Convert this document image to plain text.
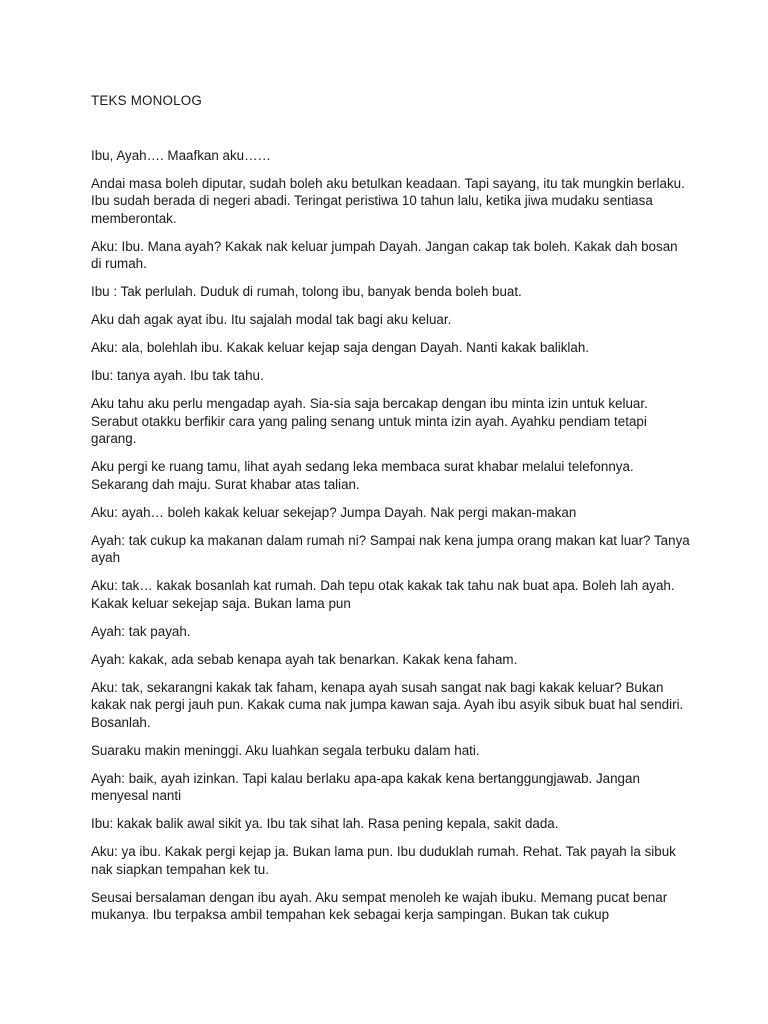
TEKS MONOLOG

Ibu, Ayah…. Maafkan aku……

Andai masa boleh diputar, sudah boleh aku betulkan keadaan. Tapi sayang, itu tak mungkin berlaku. Ibu sudah berada di negeri abadi. Teringat peristiwa 10 tahun lalu, ketika jiwa mudaku sentiasa memberontak.

Aku: Ibu. Mana ayah? Kakak nak keluar jumpah Dayah. Jangan cakap tak boleh. Kakak dah bosan di rumah.

Ibu : Tak perlulah. Duduk di rumah, tolong ibu, banyak benda boleh buat.

Aku dah agak ayat ibu. Itu sajalah modal tak bagi aku keluar.

Aku: ala, bolehlah ibu. Kakak keluar kejap saja dengan Dayah. Nanti kakak baliklah.

Ibu: tanya ayah. Ibu tak tahu.

Aku tahu aku perlu mengadap ayah. Sia-sia saja bercakap dengan ibu minta izin untuk keluar. Serabut otakku berfikir cara yang paling senang untuk minta izin ayah. Ayahku pendiam tetapi garang.

Aku pergi ke ruang tamu, lihat ayah sedang leka membaca surat khabar melalui telefonnya. Sekarang dah maju. Surat khabar atas talian.

Aku: ayah… boleh kakak keluar sekejap? Jumpa Dayah. Nak pergi makan-makan

Ayah: tak cukup ka makanan dalam rumah ni? Sampai nak kena jumpa orang makan kat luar? Tanya ayah

Aku: tak… kakak bosanlah kat rumah. Dah tepu otak kakak tak tahu nak buat apa. Boleh lah ayah. Kakak keluar sekejap saja. Bukan lama pun

Ayah: tak payah.

Ayah: kakak, ada sebab kenapa ayah tak benarkan. Kakak kena faham.

Aku: tak, sekarangni kakak tak faham, kenapa ayah susah sangat nak bagi kakak keluar? Bukan kakak nak pergi jauh pun. Kakak cuma nak jumpa kawan saja. Ayah ibu asyik sibuk buat hal sendiri. Bosanlah.

Suaraku makin meninggi. Aku luahkan segala terbuku dalam hati.

Ayah: baik, ayah izinkan. Tapi kalau berlaku apa-apa kakak kena bertanggungjawab. Jangan menyesal nanti

Ibu: kakak balik awal sikit ya. Ibu tak sihat lah. Rasa pening kepala, sakit dada.

Aku: ya ibu. Kakak pergi kejap ja. Bukan lama pun. Ibu duduklah rumah. Rehat. Tak payah la sibuk nak siapkan tempahan kek tu.

Seusai bersalaman dengan ibu ayah. Aku sempat menoleh ke wajah ibuku. Memang pucat benar mukanya. Ibu terpaksa ambil tempahan kek sebagai kerja sampingan. Bukan tak cukup
